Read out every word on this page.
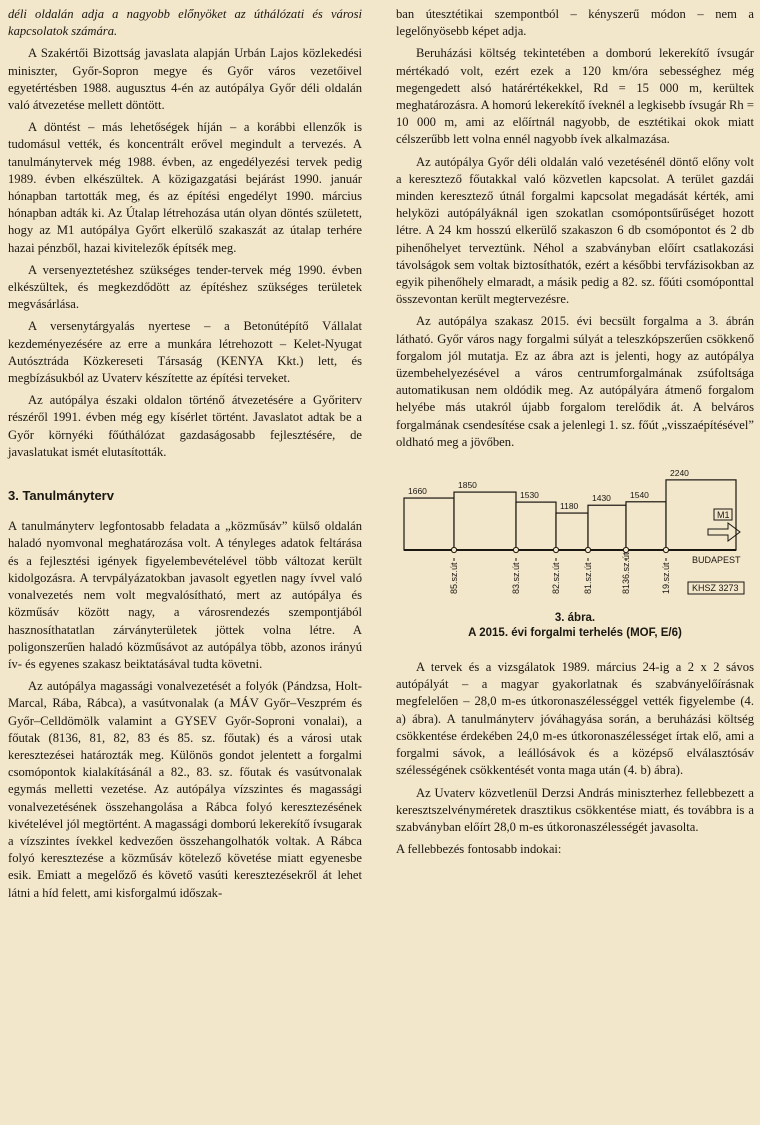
déli oldalán adja a nagyobb előnyöket az úthálózati és városi kapcsolatok számára.

A Szakértői Bizottság javaslata alapján Urbán Lajos közlekedési miniszter, Győr-Sopron megye és Győr város vezetőivel egyetértésben 1988. augusztus 4-én az autópálya Győr déli oldalán való átvezetése mellett döntött.

A döntést – más lehetőségek híján – a korábbi ellenzők is tudomásul vették, és koncentrált erővel megindult a tervezés. A tanulmánytervek még 1988. évben, az engedélyezési tervek pedig 1989. évben elkészültek. A közigazgatási bejárást 1990. január hónapban tartották meg, és az építési engedélyt 1990. március hónapban adták ki. Az Útalap létrehozása után olyan döntés született, hogy az M1 autópálya Győrt elkerülő szakaszát az útalap terhére hazai pénzből, hazai kivitelezők építsék meg.

A versenyeztetéshez szükséges tender-tervek még 1990. évben elkészültek, és megkezdődött az építéshez szükséges területek megvásárlása.

A versenytárgyalás nyertese – a Betonútépítő Vállalat kezdeményezésére az erre a munkára létrehozott – Kelet-Nyugat Autósztráda Közkereseti Társaság (KENYA Kkt.) lett, és megbízásukból az Uvaterv készítette az építési terveket.

Az autópálya északi oldalon történő átvezetésére a Győriterv részéről 1991. évben még egy kísérlet történt. Javaslatot adtak be a Győr környéki főúthálózat gazdaságosabb fejlesztésére, de javaslatukat ismét elutasították.

3. Tanulmányterv

A tanulmányterv legfontosabb feladata a „közműsáv” külső oldalán haladó nyomvonal meghatározása volt. A tényleges adatok feltárása és a fejlesztési igények figyelembevételével több változat került kidolgozásra. A tervpályázatokban javasolt egyetlen nagy ívvel való vonalvezetés nem volt megvalósítható, mert az autópálya és közműsáv között nagy, a városrendezés szempontjából hasznosíthatatlan zárványterületek jöttek volna létre. A poligonszerűen haladó közműsávot az autópálya több, azonos irányú ív- és egyenes szakasz beiktatásával tudta követni.

Az autópálya magassági vonalvezetését a folyók (Pándzsa, Holt-Marcal, Rába, Rábca), a vasútvonalak (a MÁV Győr–Veszprém és Győr–Celldömölk valamint a GYSEV Győr-Soproni vonalai), a főutak (8136, 81, 82, 83 és 85. sz. főutak) és a városi utak keresztezései határozták meg. Különös gondot jelentett a forgalmi csomópontok kialakításánál a 82., 83. sz. főutak és vasútvonalak egymás melletti vezetése. Az autópálya vízszintes és magassági vonalvezetésének összehangolása a Rábca folyó keresztezésének kivételével jól megtörtént. A magassági domború lekerekítő ívsugarak a vízszintes ívekkel kedvezően összehangolhatók voltak. A Rábca folyó keresztezése a közműsáv kötelező követése miatt egyenesbe esik. Emiatt a megelőző és követő vasúti keresztezésekről át lehet látni a híd felett, ami kisforgalmú időszak-

ban útesztétikai szempontból – kényszerű módon – nem a legelőnyösebb képet adja.

Beruházási költség tekintetében a domború lekerekítő ívsugár mértékadó volt, ezért ezek a 120 km/óra sebességhez még megengedett alsó határértékekkel, Rd = 15 000 m, kerültek meghatározásra. A homorú lekerekítő íveknél a legkisebb ívsugár Rh = 10 000 m, ami az előírtnál nagyobb, de esztétikai okok miatt célszerűbb lett volna ennél nagyobb ívek alkalmazása.

Az autópálya Győr déli oldalán való vezetésénél döntő előny volt a keresztező főutakkal való közvetlen kapcsolat. A terület gazdái minden keresztező útnál forgalmi kapcsolat megadását kérték, ami helyközi autópályáknál igen szokatlan csomópontsűrűséget hozott létre. A 24 km hosszú elkerülő szakaszon 6 db csomópontot és 2 db pihenőhelyet terveztünk. Néhol a szabványban előírt csatlakozási távolságok sem voltak biztosíthatók, ezért a későbbi tervfázisokban az egyik pihenőhely elmaradt, a másik pedig a 82. sz. főúti csomóponttal összevontan került megtervezésre.

Az autópálya szakasz 2015. évi becsült forgalma a 3. ábrán látható. Győr város nagy forgalmi súlyát a teleszkópszerűen csökkenő forgalom jól mutatja. Ez az ábra azt is jelenti, hogy az autópálya üzembehelyezésével a város centrumforgalmának zsúfoltsága automatikusan nem oldódik meg. Az autópályára átmenő forgalom helyébe más utakról újabb forgalom terelődik át. A belváros forgalmának csendesítése csak a jelenlegi 1. sz. főút „visszaépítésével” oldható meg a jövőben.

1660
1850
1530
1180
1430 1540
2240
85.sz.út	83.sz.út	82.sz.út 81.sz.út	8136.sz.út	19.sz.út
M1
BUDAPEST
KHSZ 3273
3. ábra.
A 2015. évi forgalmi terhelés (MOF, E/6)

A tervek és a vizsgálatok 1989. március 24-ig a 2 x 2 sávos autópályát – a magyar gyakorlatnak és szabványelőírásnak megfelelően – 28,0 m-es útkoronaszélességgel vették figyelembe (4. a) ábra). A tanulmányterv jóváhagyása során, a beruházási költség csökkentése érdekében 24,0 m-es útkoronaszélességet írtak elő, ami a forgalmi sávok, a leállósávok és a középső elválasztósáv szélességének csökkentését vonta maga után (4. b) ábra).

Az Uvaterv közvetlenül Derzsi András miniszterhez fellebbezett a keresztszelvényméretek drasztikus csökkentése miatt, és továbbra is a szabványban előírt 28,0 m-es útkoronaszélességét javasolta.

A fellebbezés fontosabb indokai:
